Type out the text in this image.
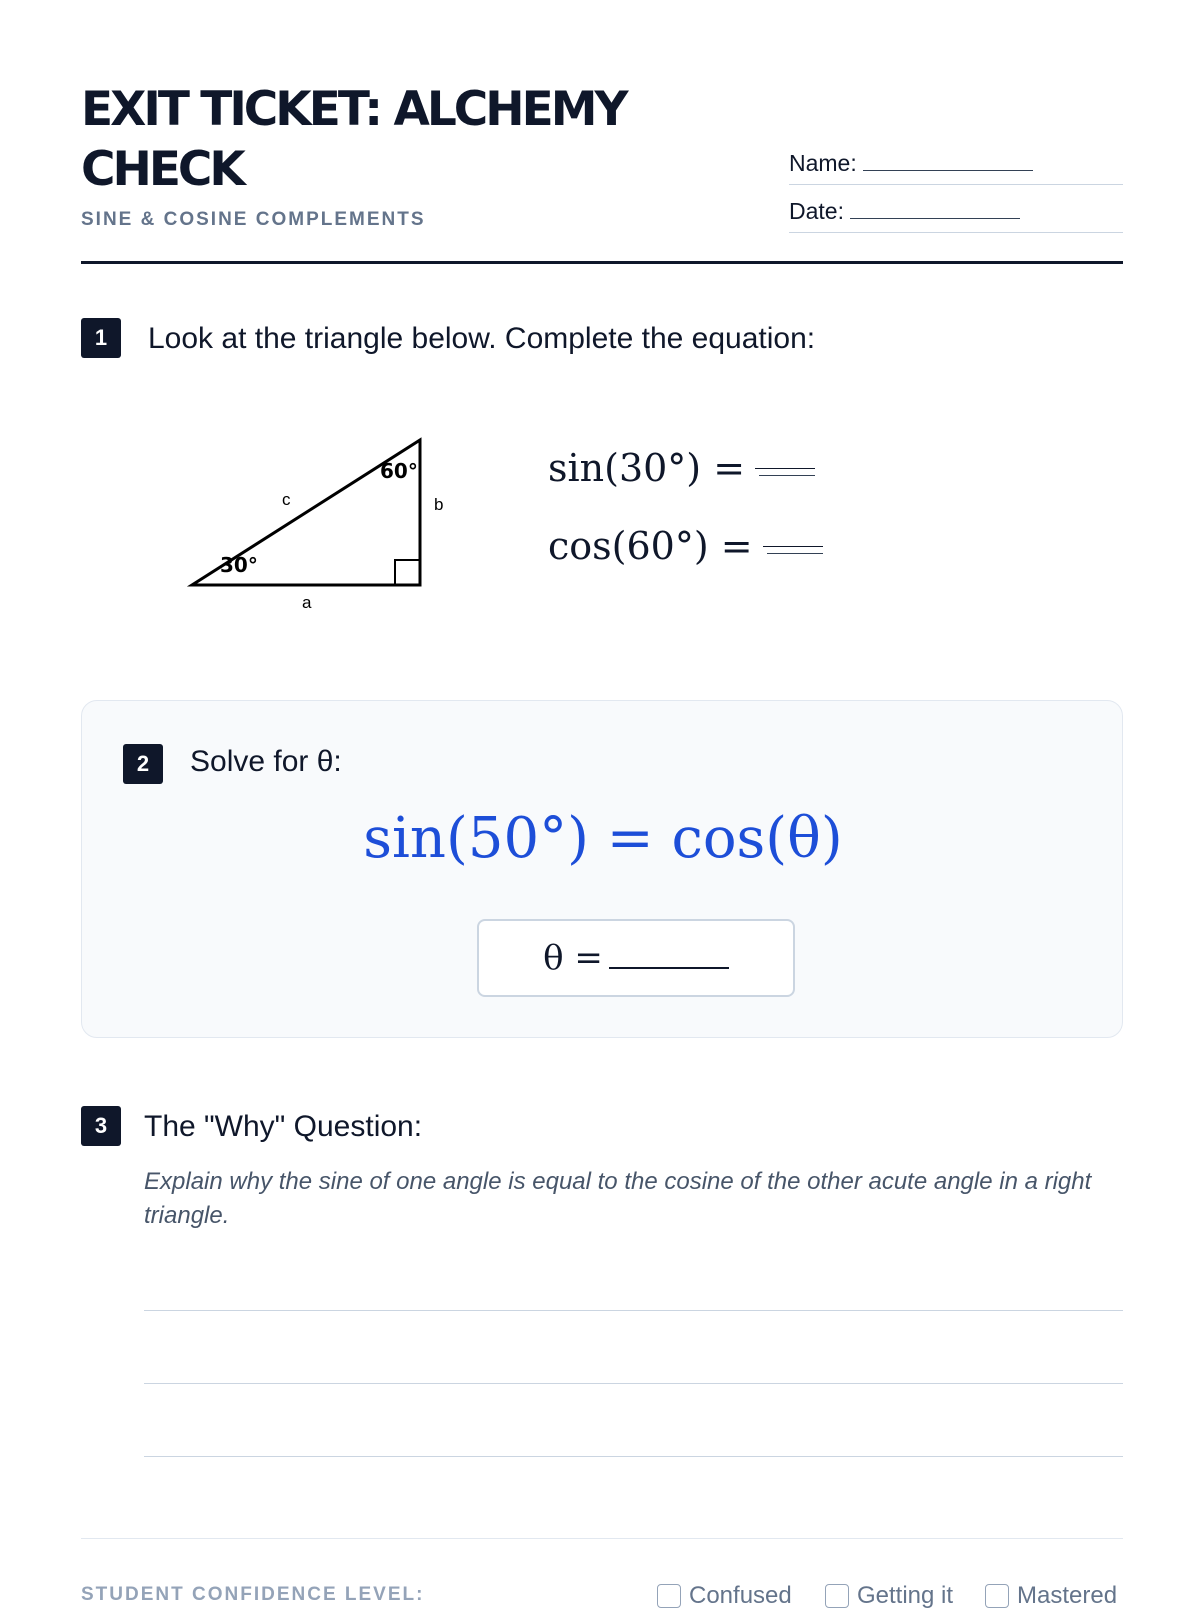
EXIT TICKET: ALCHEMY CHECK
SINE & COSINE COMPLEMENTS
Name:
Date:
1	Look at the triangle below. Complete the equation:
30°
60°
c	b
a
sin(30°) =
cos(60°) =
2	Solve for θ:
sin(50°) = cos(θ)
θ =
3	The "Why" Question:
Explain why the sine of one angle is equal to the cosine of the other acute angle in a right triangle.
STUDENT CONFIDENCE LEVEL:	Confused	Getting it	Mastered
